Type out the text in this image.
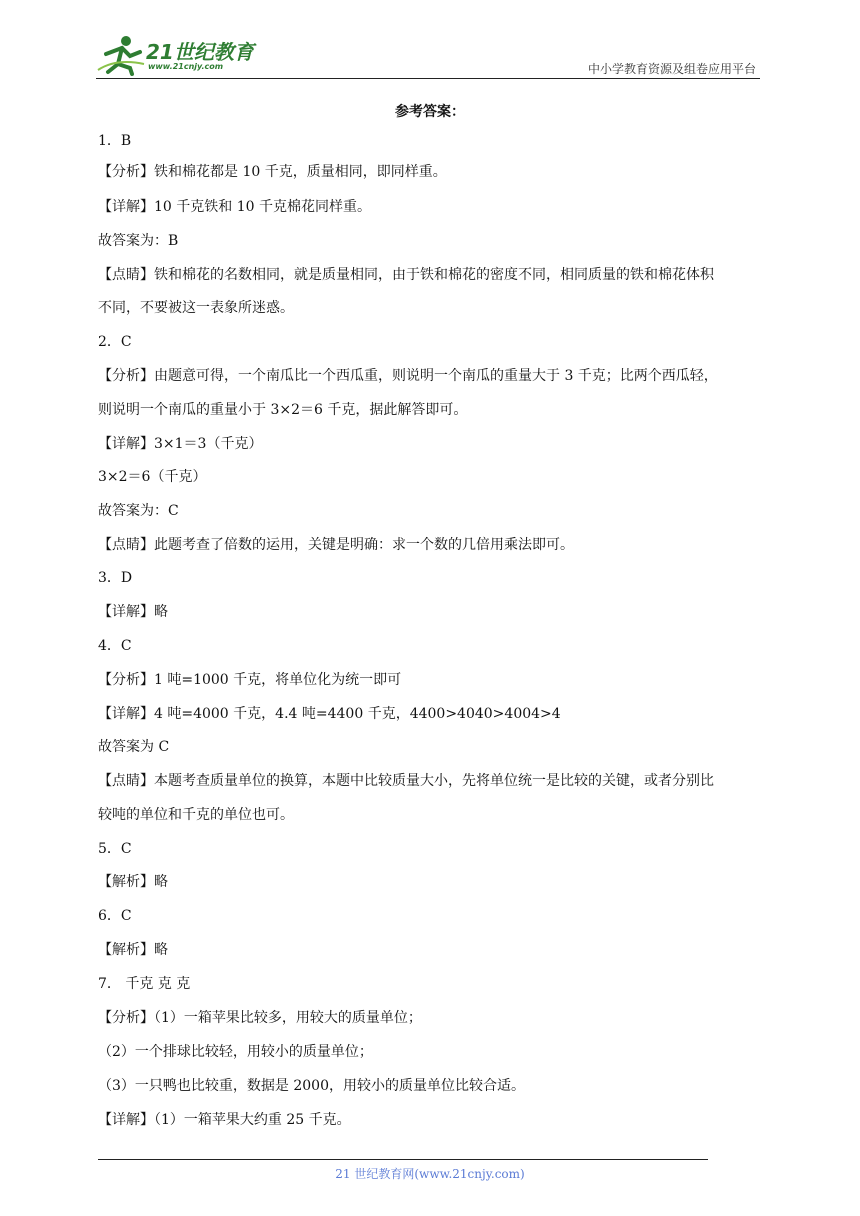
21世纪教育
www.21cnjy.com	中小学教育资源及组卷应用平台
参考答案：
1．B
【分析】铁和棉花都是 10 千克，质量相同，即同样重。
【详解】10 千克铁和 10 千克棉花同样重。
故答案为：B
【点睛】铁和棉花的名数相同，就是质量相同，由于铁和棉花的密度不同，相同质量的铁和棉花体积
不同，不要被这一表象所迷惑。
2．C
【分析】由题意可得，一个南瓜比一个西瓜重，则说明一个南瓜的重量大于 3 千克；比两个西瓜轻，
则说明一个南瓜的重量小于 3×2＝6 千克，据此解答即可。
【详解】3×1＝3（千克）
3×2＝6（千克）
故答案为：C
【点睛】此题考查了倍数的运用，关键是明确：求一个数的几倍用乘法即可。
3．D
【详解】略
4．C
【分析】1 吨=1000 千克，将单位化为统一即可
【详解】4 吨=4000 千克，4.4 吨=4400 千克，4400>4040>4004>4
故答案为 C
【点睛】本题考查质量单位的换算，本题中比较质量大小，先将单位统一是比较的关键，或者分别比
较吨的单位和千克的单位也可。
5．C
【解析】略
6．C
【解析】略
7． 千克 克 克
【分析】（1）一箱苹果比较多，用较大的质量单位；
（2）一个排球比较轻，用较小的质量单位；
（3）一只鸭也比较重，数据是 2000，用较小的质量单位比较合适。
【详解】（1）一箱苹果大约重 25 千克。
21 世纪教育网(www.21cnjy.com)
